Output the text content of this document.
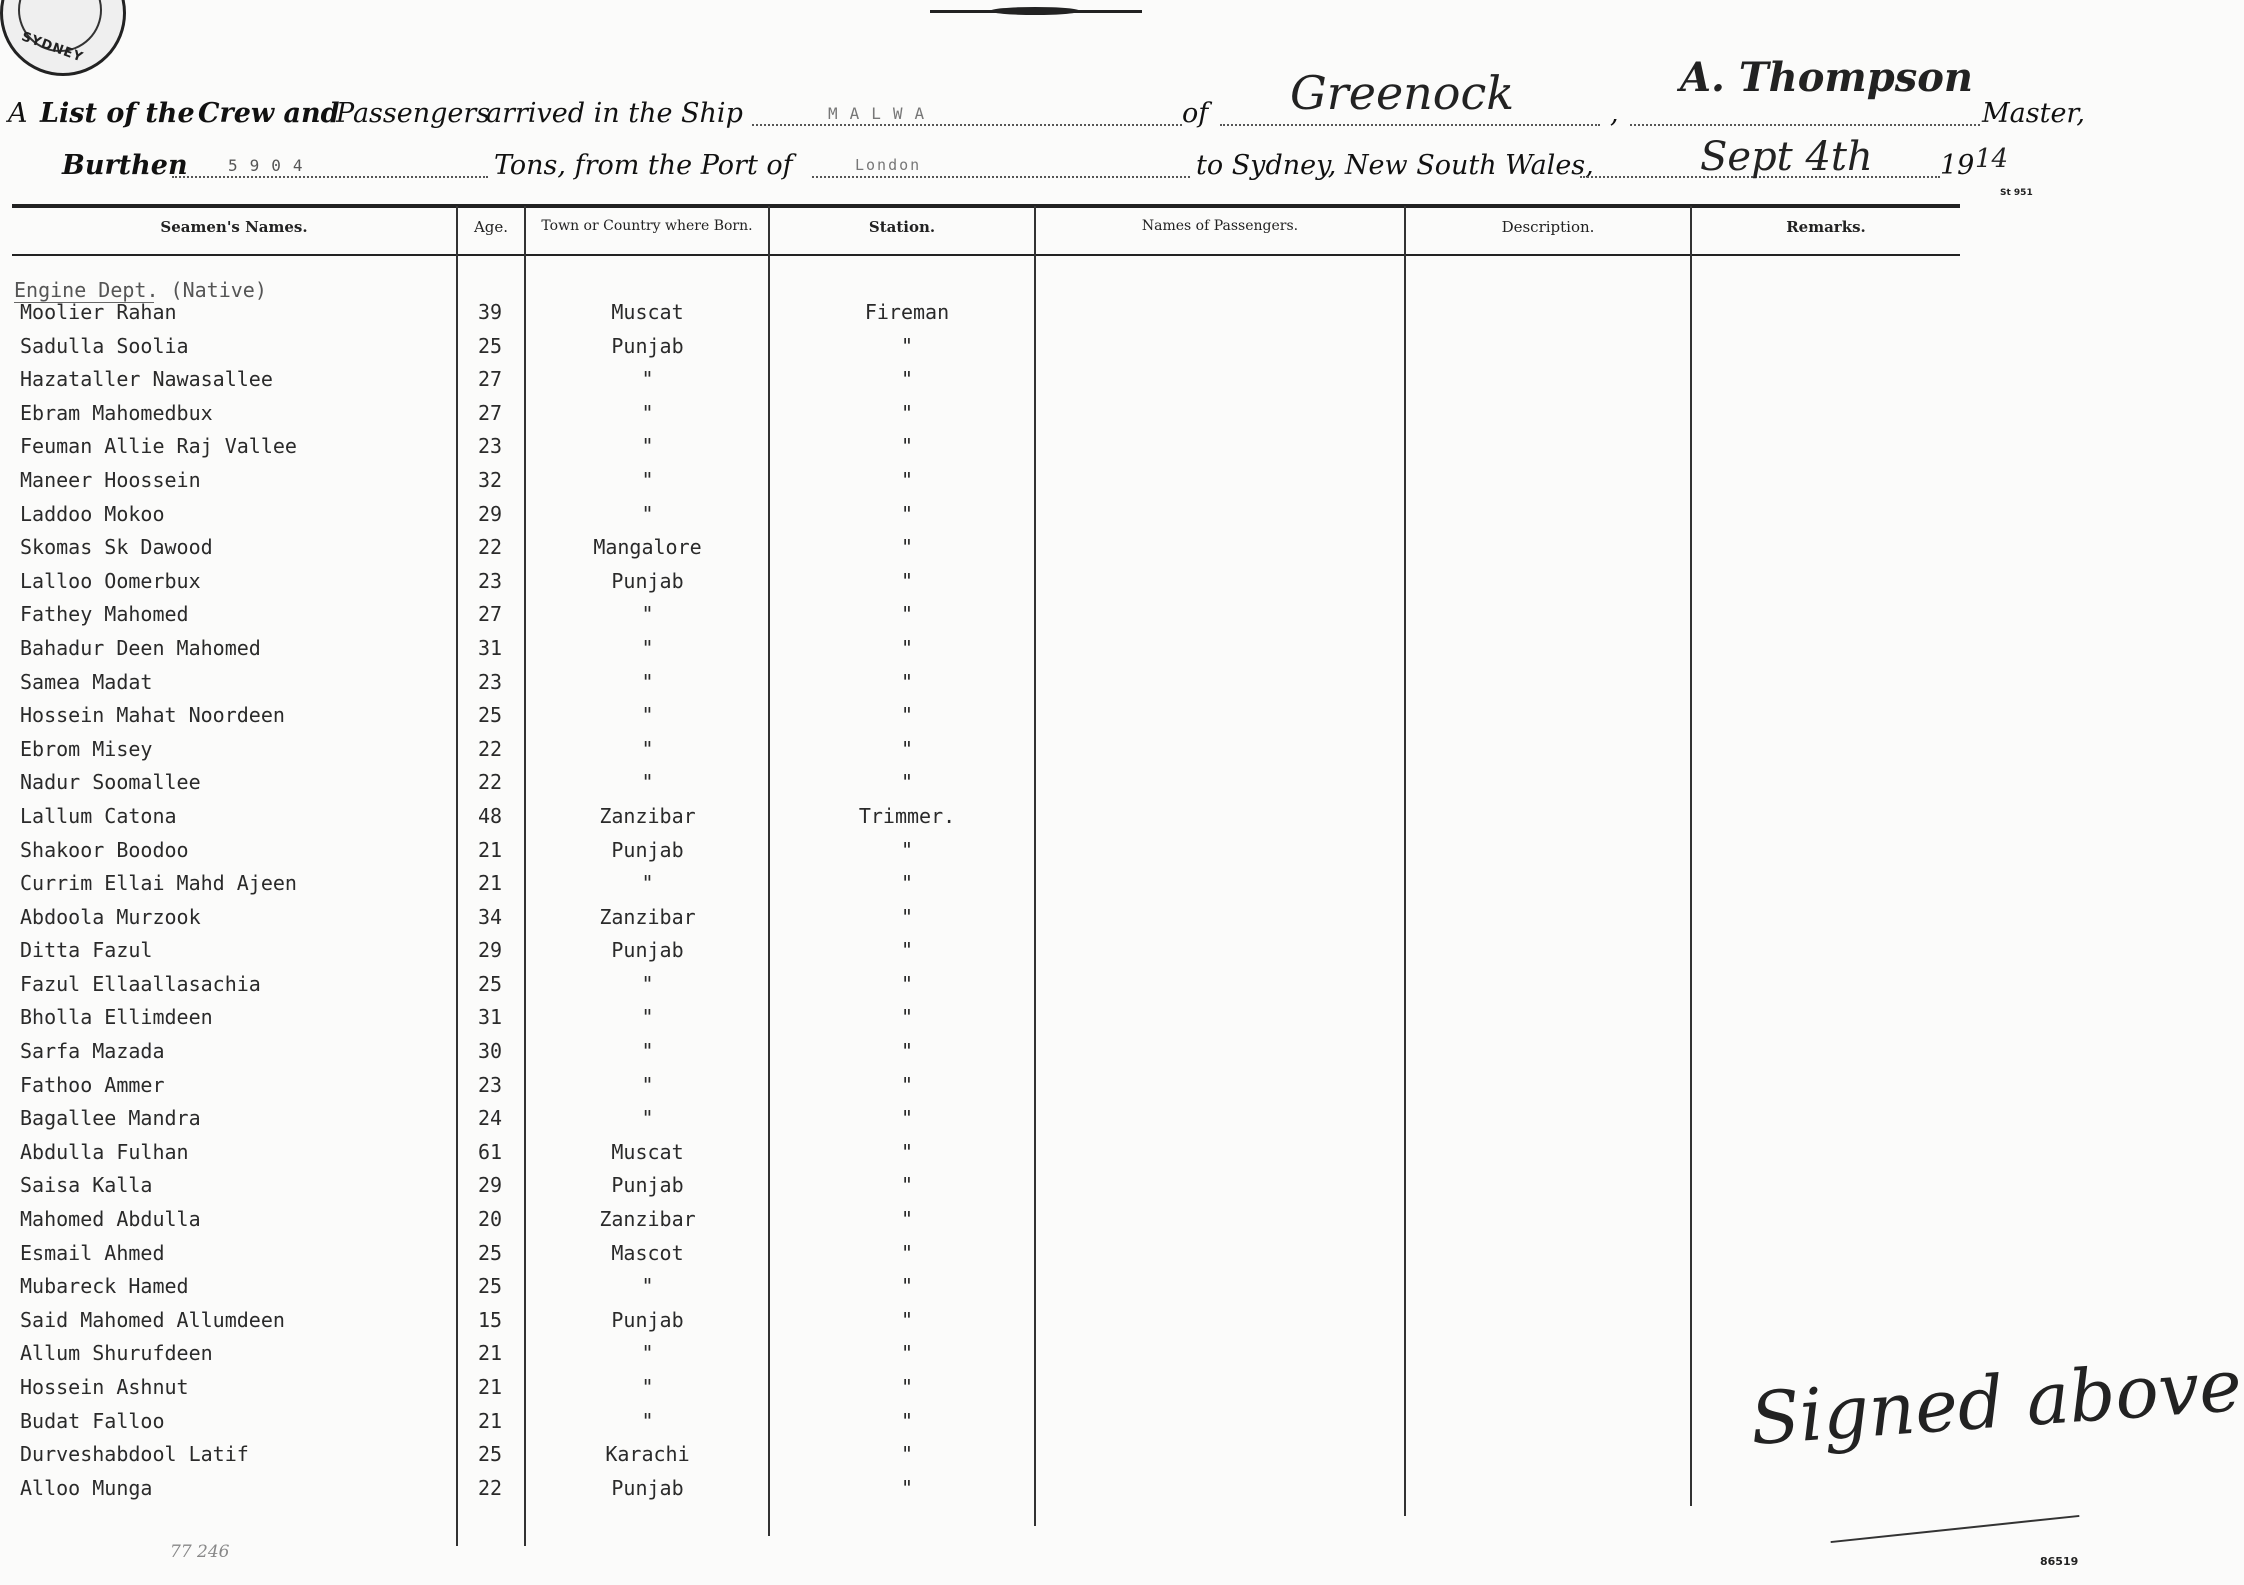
SYDNEY
A List of the Crew and
Passengers
arrived in the Ship	MALWA	of Greenock	,
A. Thompson
Master,
Burthen	5904	Tons, from the Port of	London	to Sydney, New South Wales,	Sept 4th 19 14
St 951
Seamen's Names.	Age.	Town or Country where Born.	Station.	Names of Passengers.	Description.	Remarks.
Engine Dept. (Native)
Moolier Rahan	39	Muscat	Fireman
Sadulla Soolia	25	Punjab	"
Hazataller Nawasallee	27	"	"
Ebram Mahomedbux	27	"	"
Feuman Allie Raj Vallee	23	"	"
Maneer Hoossein	32	"	"
Laddoo Mokoo	29	"	"
Skomas Sk Dawood	22	Mangalore	"
Lalloo Oomerbux	23	Punjab	"
Fathey Mahomed	27	"	"
Bahadur Deen Mahomed	31	"	"
Samea Madat	23	"	"
Hossein Mahat Noordeen	25	"	"
Ebrom Misey	22	"	"
Nadur Soomallee	22	"	"
Lallum Catona	48	Zanzibar	Trimmer.
Shakoor Boodoo	21	Punjab	"
Currim Ellai Mahd Ajeen	21	"	"
Abdoola Murzook	34	Zanzibar	"
Ditta Fazul	29	Punjab	"
Fazul Ellaallasachia	25	"	"
Bholla Ellimdeen	31	"	"
Sarfa Mazada	30	"	"
Fathoo Ammer	23	"	"
Bagallee Mandra	24	"	"
Abdulla Fulhan	61	Muscat	"
Saisa Kalla	29	Punjab	"
Mahomed Abdulla	20	Zanzibar	"
Esmail Ahmed	25	Mascot	"
Mubareck Hamed	25	"	"
Said Mahomed Allumdeen	15	Punjab	"
Allum Shurufdeen	21	"	"
Hossein Ashnut	21	"	"
Budat Falloo	21	"	"
Durveshabdool Latif	25	Karachi	"
Alloo Munga	22	Punjab	"
Signed above
77 246	86519
